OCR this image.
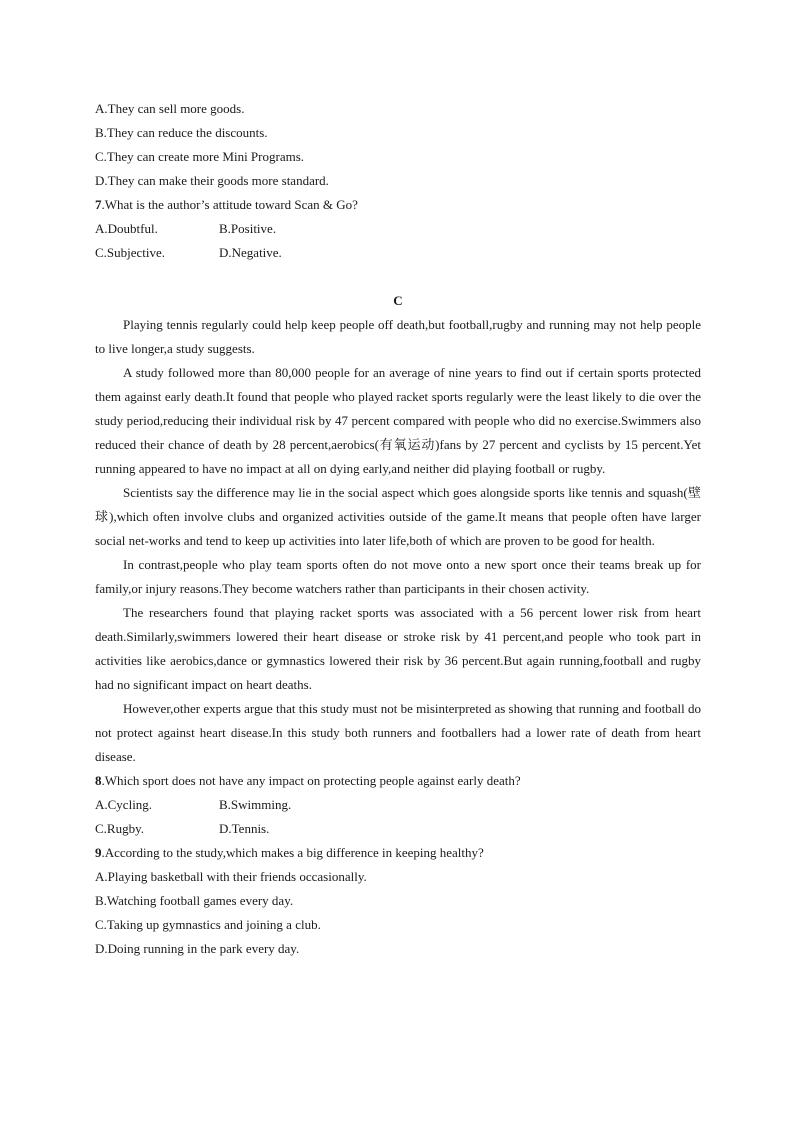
A.They can sell more goods.
B.They can reduce the discounts.
C.They can create more Mini Programs.
D.They can make their goods more standard.
7.What is the author’s attitude toward Scan & Go?
A.Doubtful.	B.Positive.
C.Subjective.	D.Negative.
C

Playing tennis regularly could help keep people off death,but football,rugby and running may not help people to live longer,a study suggests.

A study followed more than 80,000 people for an average of nine years to find out if certain sports protected them against early death.It found that people who played racket sports regularly were the least likely to die over the study period,reducing their individual risk by 47 percent compared with people who did no exercise.Swimmers also reduced their chance of death by 28 percent,aerobics(有氧运动)fans by 27 percent and cyclists by 15 percent.Yet running appeared to have no impact at all on dying early,and neither did playing football or rugby.

Scientists say the difference may lie in the social aspect which goes alongside sports like tennis and squash(壁球),which often involve clubs and organized activities outside of the game.It means that people often have larger social net-works and tend to keep up activities into later life,both of which are proven to be good for health.

In contrast,people who play team sports often do not move onto a new sport once their teams break up for family,or injury reasons.They become watchers rather than participants in their chosen activity.

The researchers found that playing racket sports was associated with a 56 percent lower risk from heart death.Similarly,swimmers lowered their heart disease or stroke risk by 41 percent,and people who took part in activities like aerobics,dance or gymnastics lowered their risk by 36 percent.But again running,football and rugby had no significant impact on heart deaths.

However,other experts argue that this study must not be misinterpreted as showing that running and football do not protect against heart disease.In this study both runners and footballers had a lower rate of death from heart disease.

8.Which sport does not have any impact on protecting people against early death?
A.Cycling.	B.Swimming.
C.Rugby.	D.Tennis.
9.According to the study,which makes a big difference in keeping healthy?
A.Playing basketball with their friends occasionally.
B.Watching football games every day.
C.Taking up gymnastics and joining a club.
D.Doing running in the park every day.
